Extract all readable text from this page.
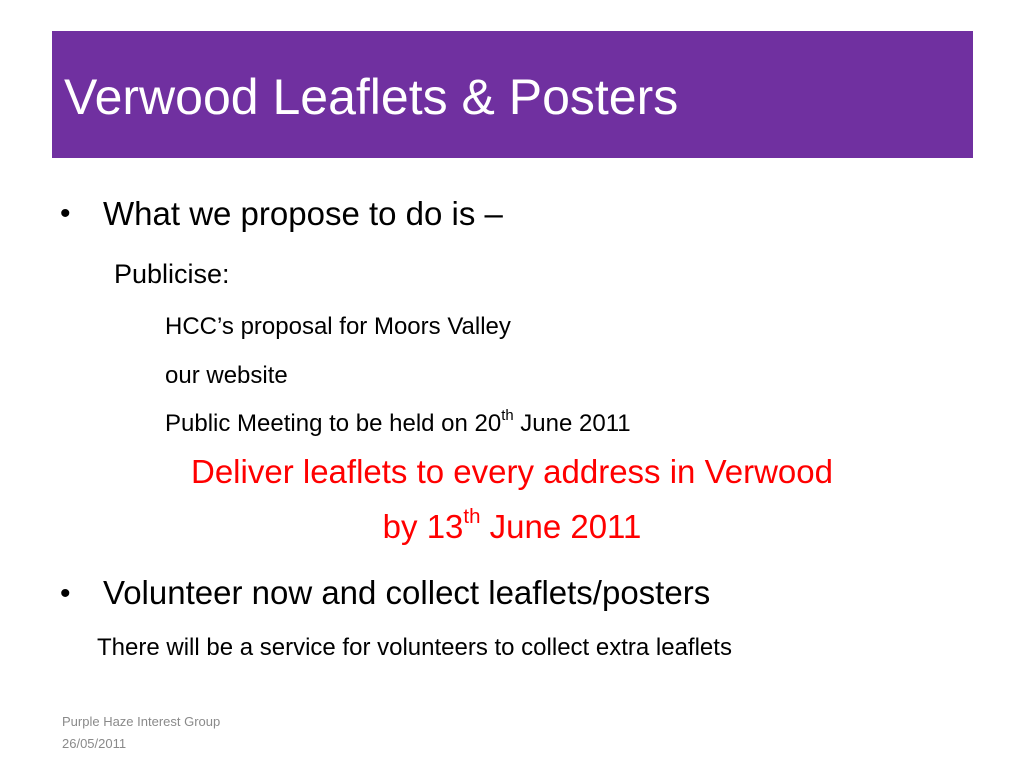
Verwood Leaflets & Posters
• What we propose to do is –
Publicise:
HCC’s proposal for Moors Valley
our website
Public Meeting to be held on 20th June 2011
Deliver leaflets to every address in Verwood
by 13th June 2011
• Volunteer now and collect leaflets/posters
There will be a service for volunteers to collect extra leaflets
Purple Haze Interest Group
26/05/2011
